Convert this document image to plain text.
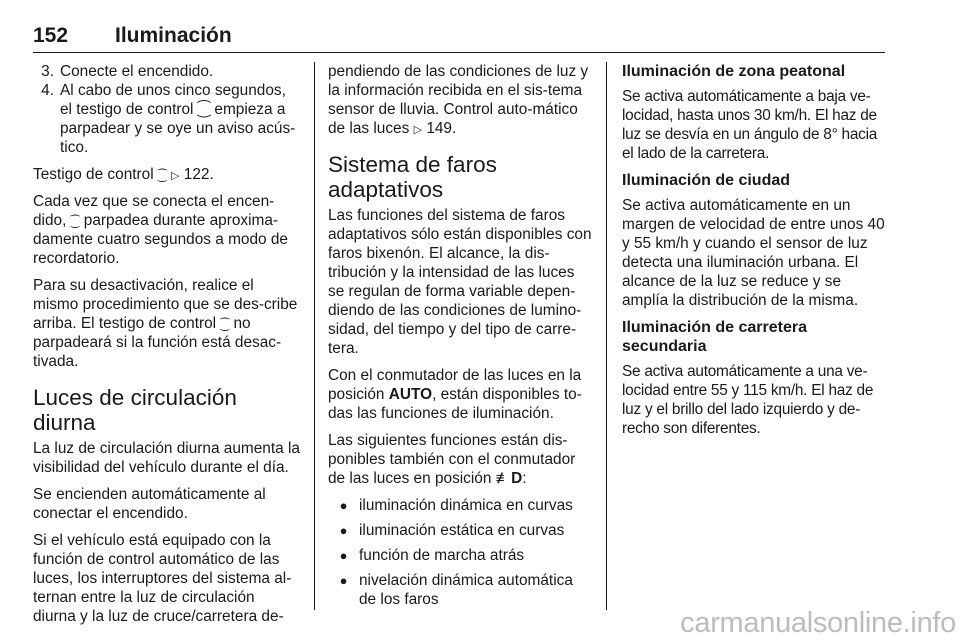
152	Iluminación
3. Conecte el encendido.
4. Al cabo de unos cinco segundos, el testigo de control ⁐ empieza a parpadear y se oye un aviso acús-tico.

Testigo de control ⁐ ▷ 122.

Cada vez que se conecta el encen-dido, ⁐ parpadea durante aproxima-damente cuatro segundos a modo de recordatorio.

Para su desactivación, realice el mismo procedimiento que se des-cribe arriba. El testigo de control ⁐ no parpadeará si la función está desac-tivada.

Luces de circulación diurna

La luz de circulación diurna aumenta la visibilidad del vehículo durante el día.

Se encienden automáticamente al conectar el encendido.

Si el vehículo está equipado con la función de control automático de las luces, los interruptores del sistema al-ternan entre la luz de circulación diurna y la luz de cruce/carretera de-

pendiendo de las condiciones de luz y la información recibida en el sis-tema sensor de lluvia. Control auto-mático de las luces ▷ 149.

Sistema de faros adaptativos

Las funciones del sistema de faros adaptativos sólo están disponibles con faros bixenón. El alcance, la dis-tribución y la intensidad de las luces se regulan de forma variable depen-diendo de las condiciones de lumino-sidad, del tiempo y del tipo de carre-tera.

Con el conmutador de las luces en la posición AUTO, están disponibles to-das las funciones de iluminación.

Las siguientes funciones están dis-ponibles también con el conmutador de las luces en posición ≢D:

● iluminación dinámica en curvas
● iluminación estática en curvas
● función de marcha atrás
● nivelación dinámica automática de los faros
Iluminación de zona peatonal

Se activa automáticamente a baja ve-locidad, hasta unos 30 km/h. El haz de luz se desvía en un ángulo de 8° hacia el lado de la carretera.

Iluminación de ciudad

Se activa automáticamente en un margen de velocidad de entre unos 40 y 55 km/h y cuando el sensor de luz detecta una iluminación urbana. El alcance de la luz se reduce y se amplía la distribución de la misma.

Iluminación de carretera secundaria

Se activa automáticamente a una ve-locidad entre 55 y 115 km/h. El haz de luz y el brillo del lado izquierdo y de-recho son diferentes.

carmanualsonline.info
